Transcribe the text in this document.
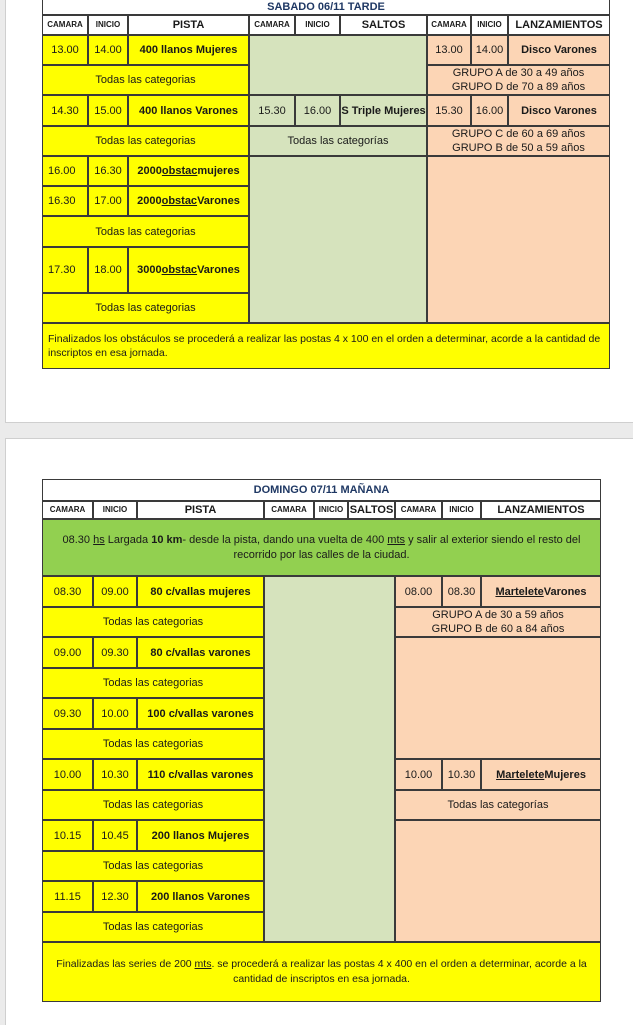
SABADO 06/11 TARDE
CAMARA	INICIO	PISTA	CAMARA	INICIO	SALTOS	CAMARA	INICIO	LANZAMIENTOS
13.00	14.00	400 llanos Mujeres
Todas las categorias
14.30	15.00	400 llanos Varones
Todas las categorias
16.00	16.30	2000 obstac mujeres
16.30	17.00	2000 obstac Varones
Todas las categorias
17.30	18.00	3000 obstac Varones
Todas las categorias
15.30	16.00 S Triple Mujeres
Todas las categorías
13.00	14.00	Disco Varones
GRUPO A de 30 a 49 años
GRUPO D de 70 a 89 años
15.30	16.00	Disco Varones
GRUPO C de 60 a 69 años
GRUPO B de 50 a 59 años
Finalizados los obstáculos se procederá a realizar las postas 4 x 100 en el orden a determinar, acorde a la cantidad de inscriptos en esa jornada.
DOMINGO 07/11 MAÑANA
CAMARA	INICIO	PISTA	CAMARA	INICIO SALTOS CAMARA	INICIO	LANZAMIENTOS
08.30 hs Largada 10 km- desde la pista, dando una vuelta de 400 mts y salir al exterior siendo el resto del recorrido por las calles de la ciudad.
08.30	09.00	80 c/vallas mujeres
Todas las categorias
09.00	09.30	80 c/vallas varones
Todas las categorias
09.30	10.00	100 c/vallas varones
Todas las categorias
10.00	10.30	110 c/vallas varones
Todas las categorias
10.15	10.45	200 llanos Mujeres
Todas las categorias
11.15	12.30	200 llanos Varones
Todas las categorias
08.00	08.30	Martelete Varones
GRUPO A de 30 a 59 años
GRUPO B de 60 a 84 años
10.00	10.30	Martelete Mujeres
Todas las categorías
Finalizadas las series de 200 mts. se procederá a realizar las postas 4 x 400 en el orden a determinar, acorde a la cantidad de inscriptos en esa jornada.
